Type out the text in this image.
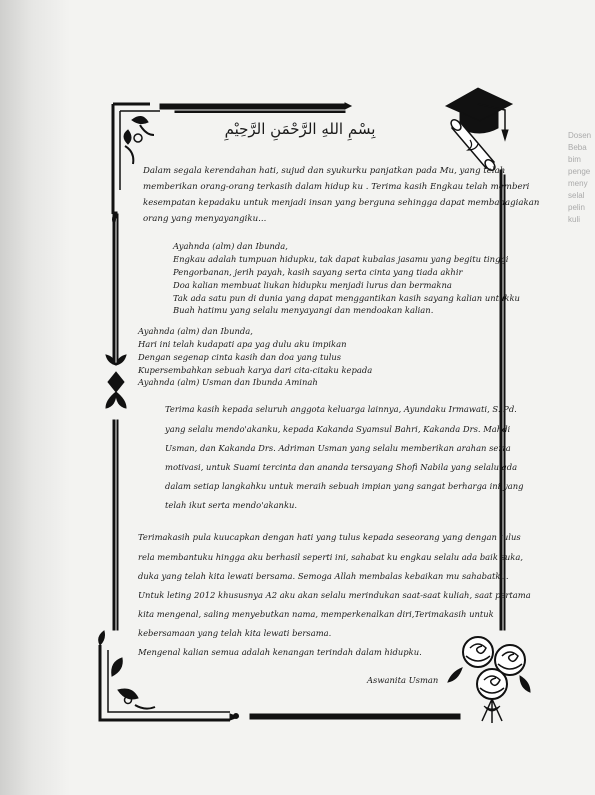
Dosen
Beba
bim
penge
meny
selal
pelin
kuli
بِسْمِ اللهِ الرَّحْمَنِ الرَّحِيْمِ
Dalam segala kerendahan hati, sujud dan syukurku panjatkan pada Mu, yang telah
memberikan orang-orang terkasih dalam hidup ku . Terima kasih Engkau telah memberi
kesempatan kepadaku untuk menjadi insan yang berguna sehingga dapat membahagiakan
orang yang menyayangiku...
Ayahnda (alm) dan Ibunda,
Engkau adalah tumpuan hidupku, tak dapat kubalas jasamu yang begitu tinggi
Pengorbanan, jerih payah, kasih sayang serta cinta yang tiada akhir
Doa kalian membuat liukan hidupku menjadi lurus dan bermakna
Tak ada satu pun di dunia yang dapat menggantikan kasih sayang kalian untukku
Buah hatimu yang selalu menyayangi dan mendoakan kalian.
Ayahnda (alm) dan Ibunda,
Hari ini telah kudapati apa yag dulu aku impikan
Dengan segenap cinta kasih dan doa yang tulus
Kupersembahkan sebuah karya dari cita-citaku kepada
Ayahnda (alm) Usman dan Ibunda Aminah
Terima kasih kepada seluruh anggota keluarga lainnya, Ayundaku Irmawati, S. Pd.
yang selalu mendo'akanku, kepada Kakanda Syamsul Bahri, Kakanda Drs. Mahdi
Usman, dan Kakanda Drs. Adriman Usman yang selalu memberikan arahan serta
motivasi, untuk Suami tercinta dan ananda tersayang Shofi Nabila yang selalu ada
dalam setiap langkahku untuk meraih sebuah impian yang sangat berharga ini yang
telah ikut serta mendo'akanku.
Terimakasih pula kuucapkan dengan hati yang tulus kepada seseorang yang dengan tulus
rela membantuku hingga aku berhasil seperti ini, sahabat ku engkau selalu ada baik suka,
duka yang telah kita lewati bersama. Semoga Allah membalas kebaikan mu sahabatku.
Untuk leting 2012 khususnya A2 aku akan selalu merindukan saat-saat kuliah, saat pertama
kita mengenal, saling menyebutkan nama, memperkenalkan diri,Terimakasih untuk
kebersamaan yang telah kita lewati bersama.
Mengenal kalian semua adalah kenangan terindah dalam hidupku.
Aswanita Usman
